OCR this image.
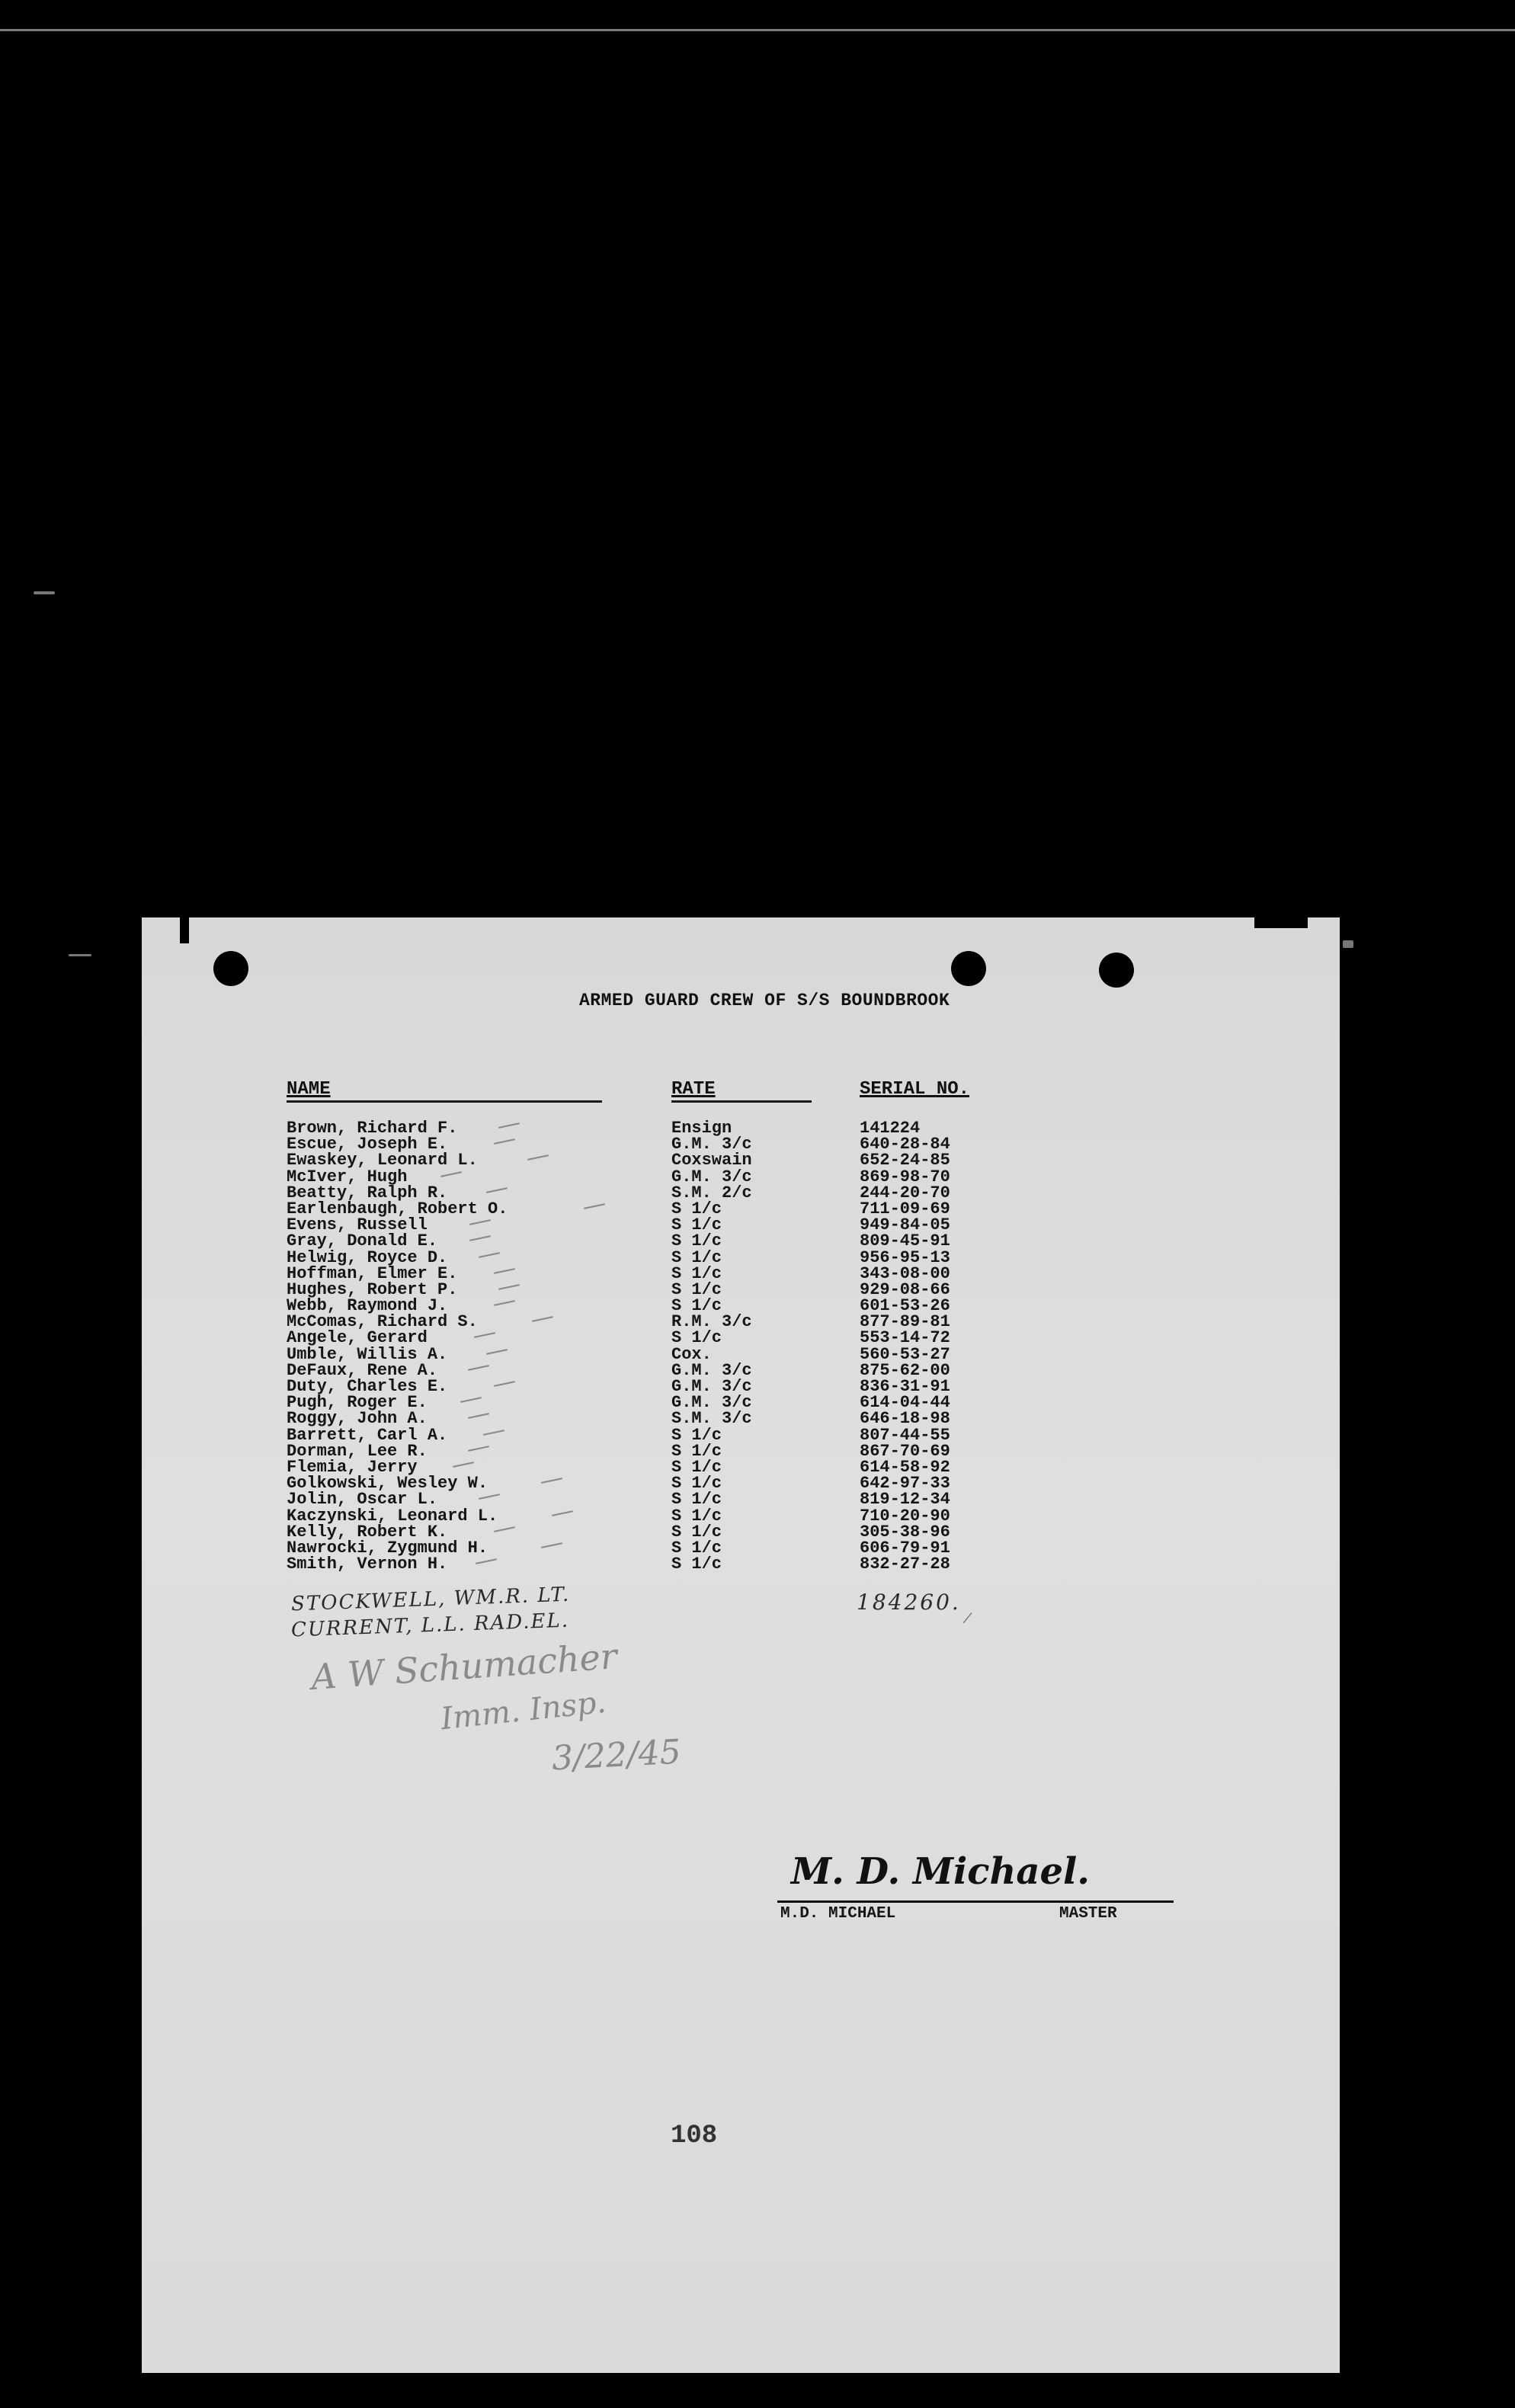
ARMED GUARD CREW OF S/S BOUNDBROOK
NAME	RATE	SERIAL NO.
Brown, Richard F.	Ensign	141224
Escue, Joseph E.	G.M. 3/c	640-28-84
Ewaskey, Leonard L.	Coxswain	652-24-85
McIver, Hugh	G.M. 3/c	869-98-70
Beatty, Ralph R.	S.M. 2/c	244-20-70
Earlenbaugh, Robert O.	S 1/c	711-09-69
Evens, Russell	S 1/c	949-84-05
Gray, Donald E.	S 1/c	809-45-91
Helwig, Royce D.	S 1/c	956-95-13
Hoffman, Elmer E.	S 1/c	343-08-00
Hughes, Robert P.	S 1/c	929-08-66
Webb, Raymond J.	S 1/c	601-53-26
McComas, Richard S.	R.M. 3/c	877-89-81
Angele, Gerard	S 1/c	553-14-72
Umble, Willis A.	Cox.	560-53-27
DeFaux, Rene A.	G.M. 3/c	875-62-00
Duty, Charles E.	G.M. 3/c	836-31-91
Pugh, Roger E.	G.M. 3/c	614-04-44
Roggy, John A.	S.M. 3/c	646-18-98
Barrett, Carl A.	S 1/c	807-44-55
Dorman, Lee R.	S 1/c	867-70-69
Flemia, Jerry	S 1/c	614-58-92
Golkowski, Wesley W.	S 1/c	642-97-33
Jolin, Oscar L.	S 1/c	819-12-34
Kaczynski, Leonard L.	S 1/c	710-20-90
Kelly, Robert K.	S 1/c	305-38-96
Nawrocki, Zygmund H.	S 1/c	606-79-91
Smith, Vernon H.	S 1/c	832-27-28
STOCKWELL, WM.R. LT.
CURRENT, L.L. RAD.EL.
184260.
⁄
A W Schumacher
Imm. Insp.
3/22/45
M. D. Michael.
M.D. MICHAEL	MASTER
108
